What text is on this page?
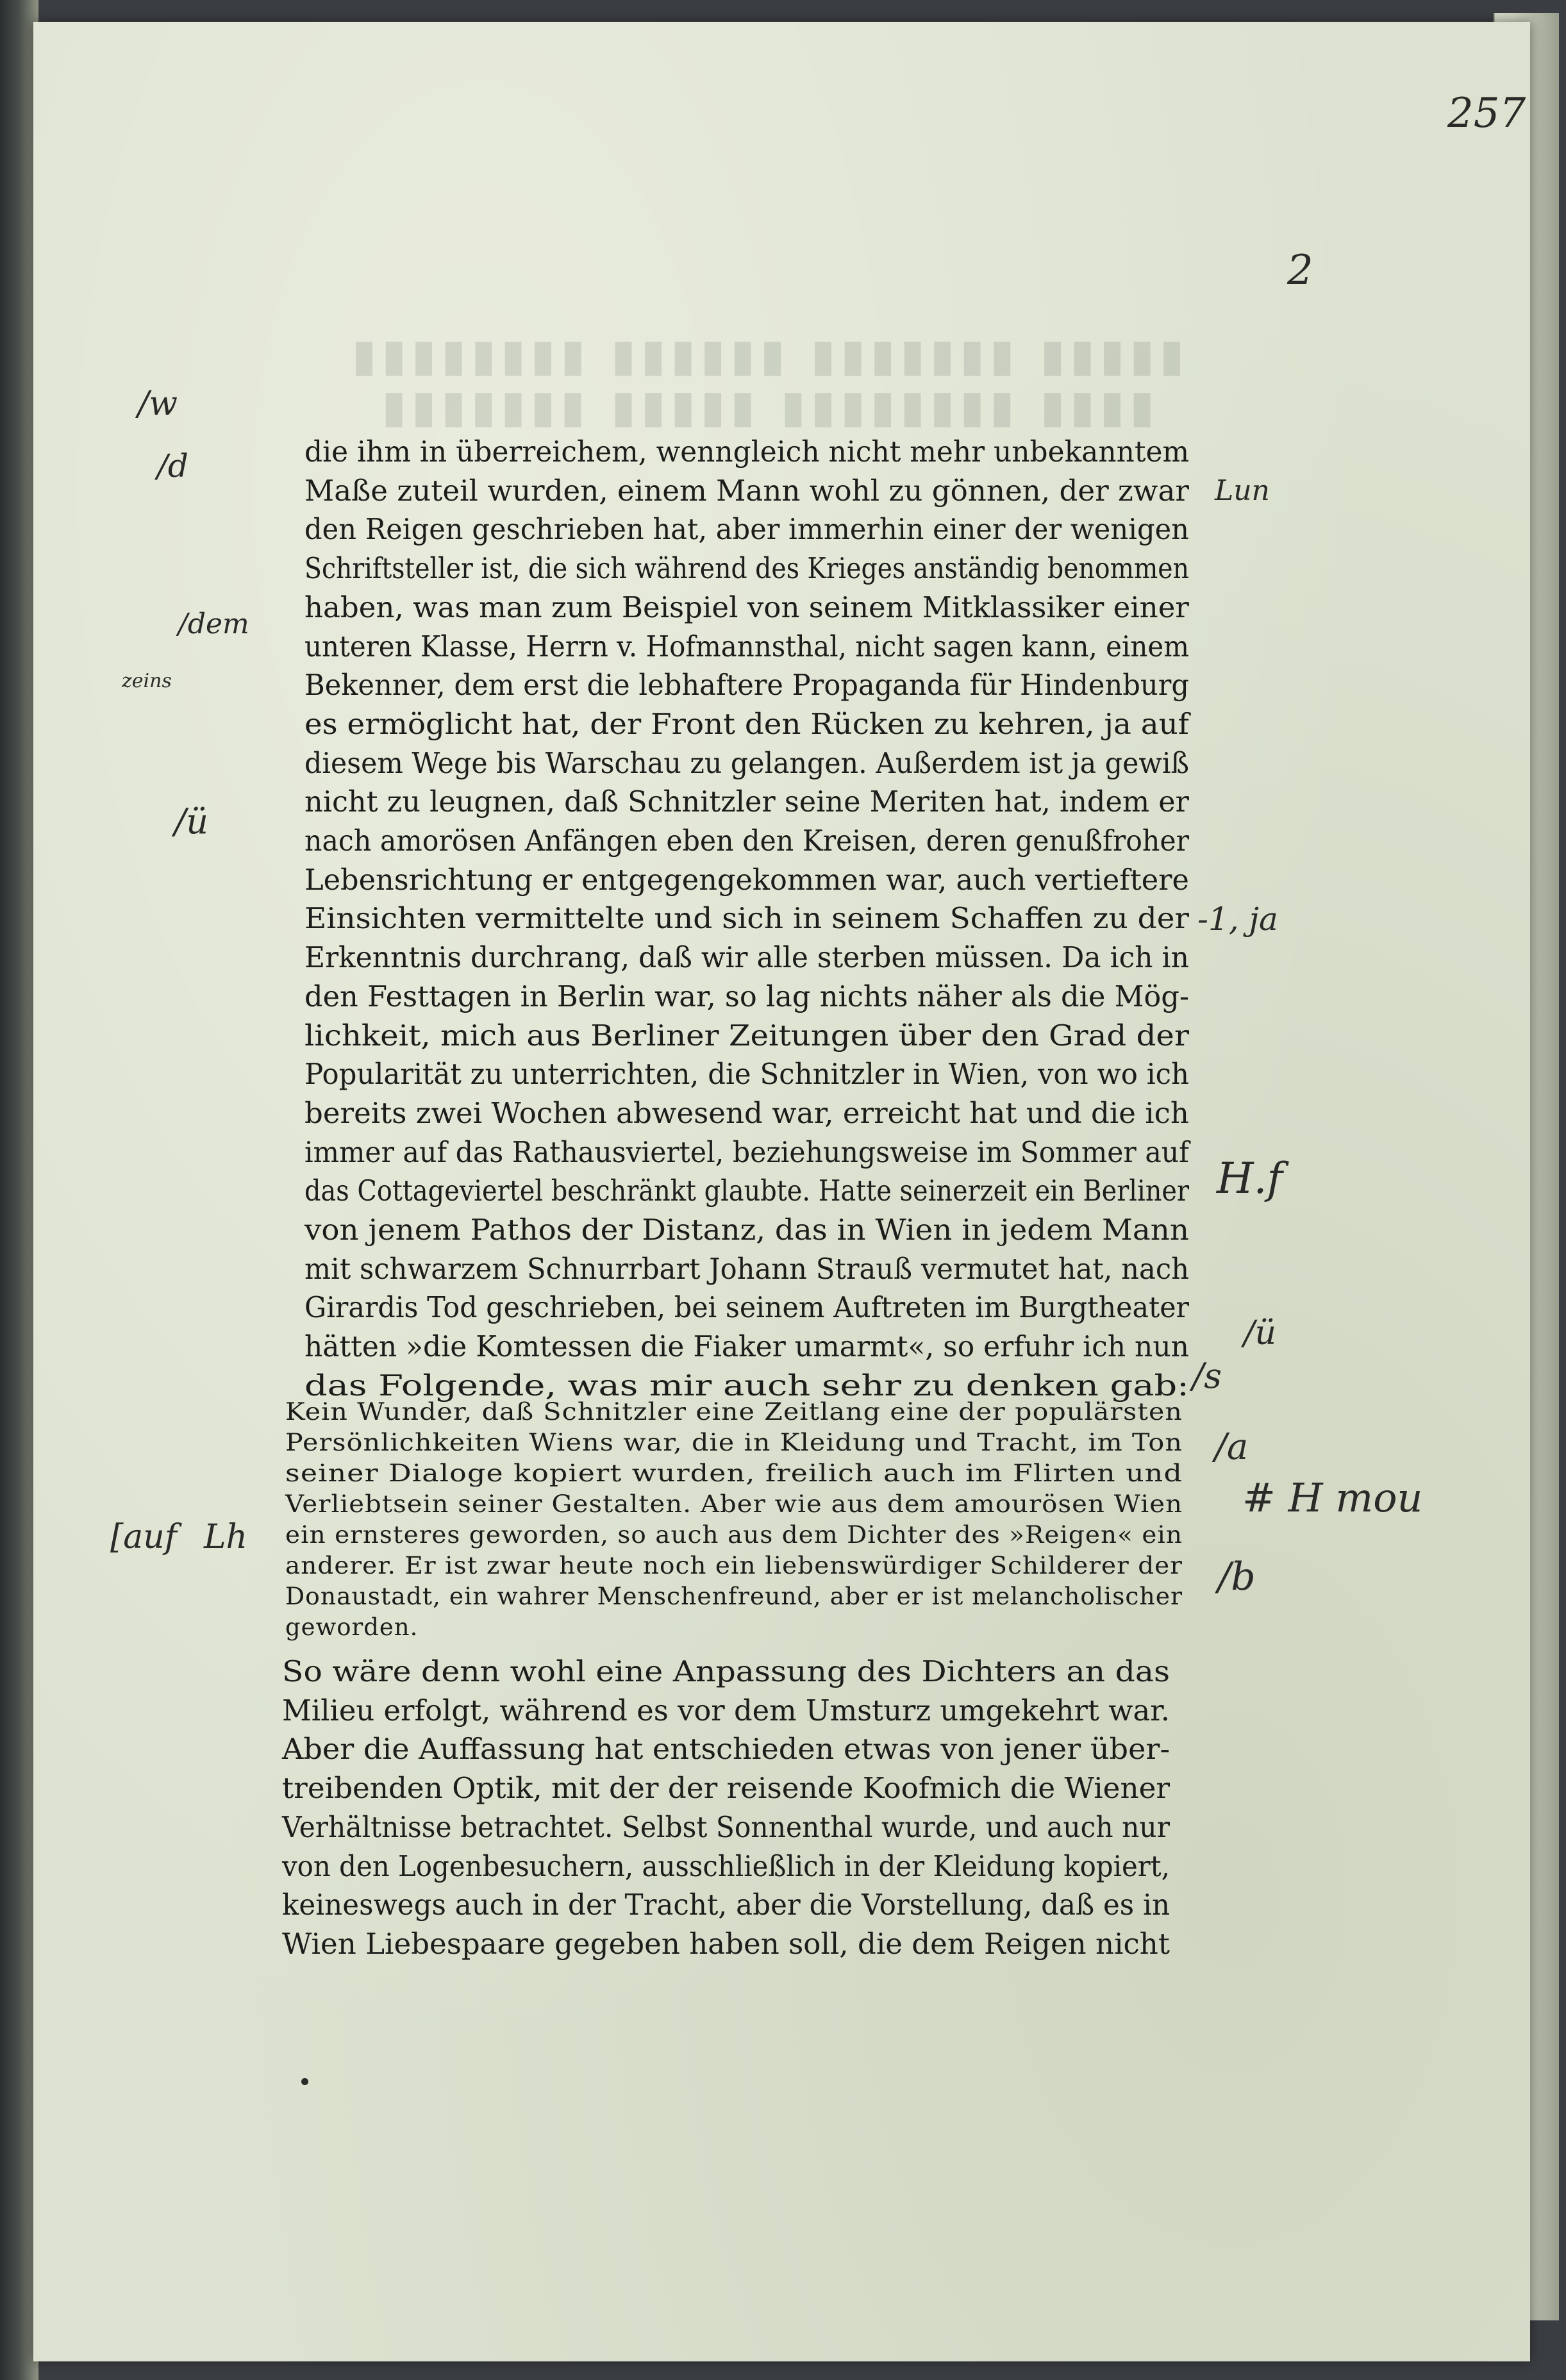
▮▮▮▮▮▮▮▮ ▮▮▮▮▮▮ ▮▮▮▮▮▮▮ ▮▮▮▮▮
▮▮▮▮▮▮▮ ▮▮▮▮▮ ▮▮▮▮▮▮▮▮ ▮▮▮▮
257
2
die ihm in überreichem, wenngleich nicht mehr unbekanntem
Maße zuteil wurden, einem Mann wohl zu gönnen, der zwar
den Reigen geschrieben hat, aber immerhin einer der wenigen
Schriftsteller ist, die sich während des Krieges anständig benommen
haben, was man zum Beispiel von seinem Mitklassiker einer
unteren Klasse, Herrn v. Hofmannsthal, nicht sagen kann, einem
Bekenner, dem erst die lebhaftere Propaganda für Hindenburg
es ermöglicht hat, der Front den Rücken zu kehren, ja auf
diesem Wege bis Warschau zu gelangen. Außerdem ist ja gewiß
nicht zu leugnen, daß Schnitzler seine Meriten hat, indem er
nach amorösen Anfängen eben den Kreisen, deren genußfroher
Lebensrichtung er entgegengekommen war, auch vertieftere
Einsichten vermittelte und sich in seinem Schaffen zu der
Erkenntnis durchrang, daß wir alle sterben müssen. Da ich in
den Festtagen in Berlin war, so lag nichts näher als die Mög-
lichkeit, mich aus Berliner Zeitungen über den Grad der
Popularität zu unterrichten, die Schnitzler in Wien, von wo ich
bereits zwei Wochen abwesend war, erreicht hat und die ich
immer auf das Rathausviertel, beziehungsweise im Sommer auf
das Cottageviertel beschränkt glaubte. Hatte seinerzeit ein Berliner
von jenem Pathos der Distanz, das in Wien in jedem Mann
mit schwarzem Schnurrbart Johann Strauß vermutet hat, nach
Girardis Tod geschrieben, bei seinem Auftreten im Burgtheater
hätten »die Komtessen die Fiaker umarmt«, so erfuhr ich nun
das Folgende, was mir auch sehr zu denken gab:
Kein Wunder, daß Schnitzler eine Zeitlang eine der populärsten
Persönlichkeiten Wiens war, die in Kleidung und Tracht, im Ton
seiner Dialoge kopiert wurden, freilich auch im Flirten und
Verliebtsein seiner Gestalten. Aber wie aus dem amourösen Wien
ein ernsteres geworden, so auch aus dem Dichter des »Reigen« ein
anderer. Er ist zwar heute noch ein liebenswürdiger Schilderer der
Donaustadt, ein wahrer Menschenfreund, aber er ist melancholischer
geworden.
So wäre denn wohl eine Anpassung des Dichters an das
Milieu erfolgt, während es vor dem Umsturz umgekehrt war.
Aber die Auffassung hat entschieden etwas von jener über-
treibenden Optik, mit der der reisende Koofmich die Wiener
Verhältnisse betrachtet. Selbst Sonnenthal wurde, und auch nur
von den Logenbesuchern, ausschließlich in der Kleidung kopiert,
keineswegs auch in der Tracht, aber die Vorstellung, daß es in
Wien Liebespaare gegeben haben soll, die dem Reigen nicht
/w
/d
/dem
zeins
/ü
[auf Lh
Lun
-1, ja
H.f
/ü
/s
/a
# H mou
/b
